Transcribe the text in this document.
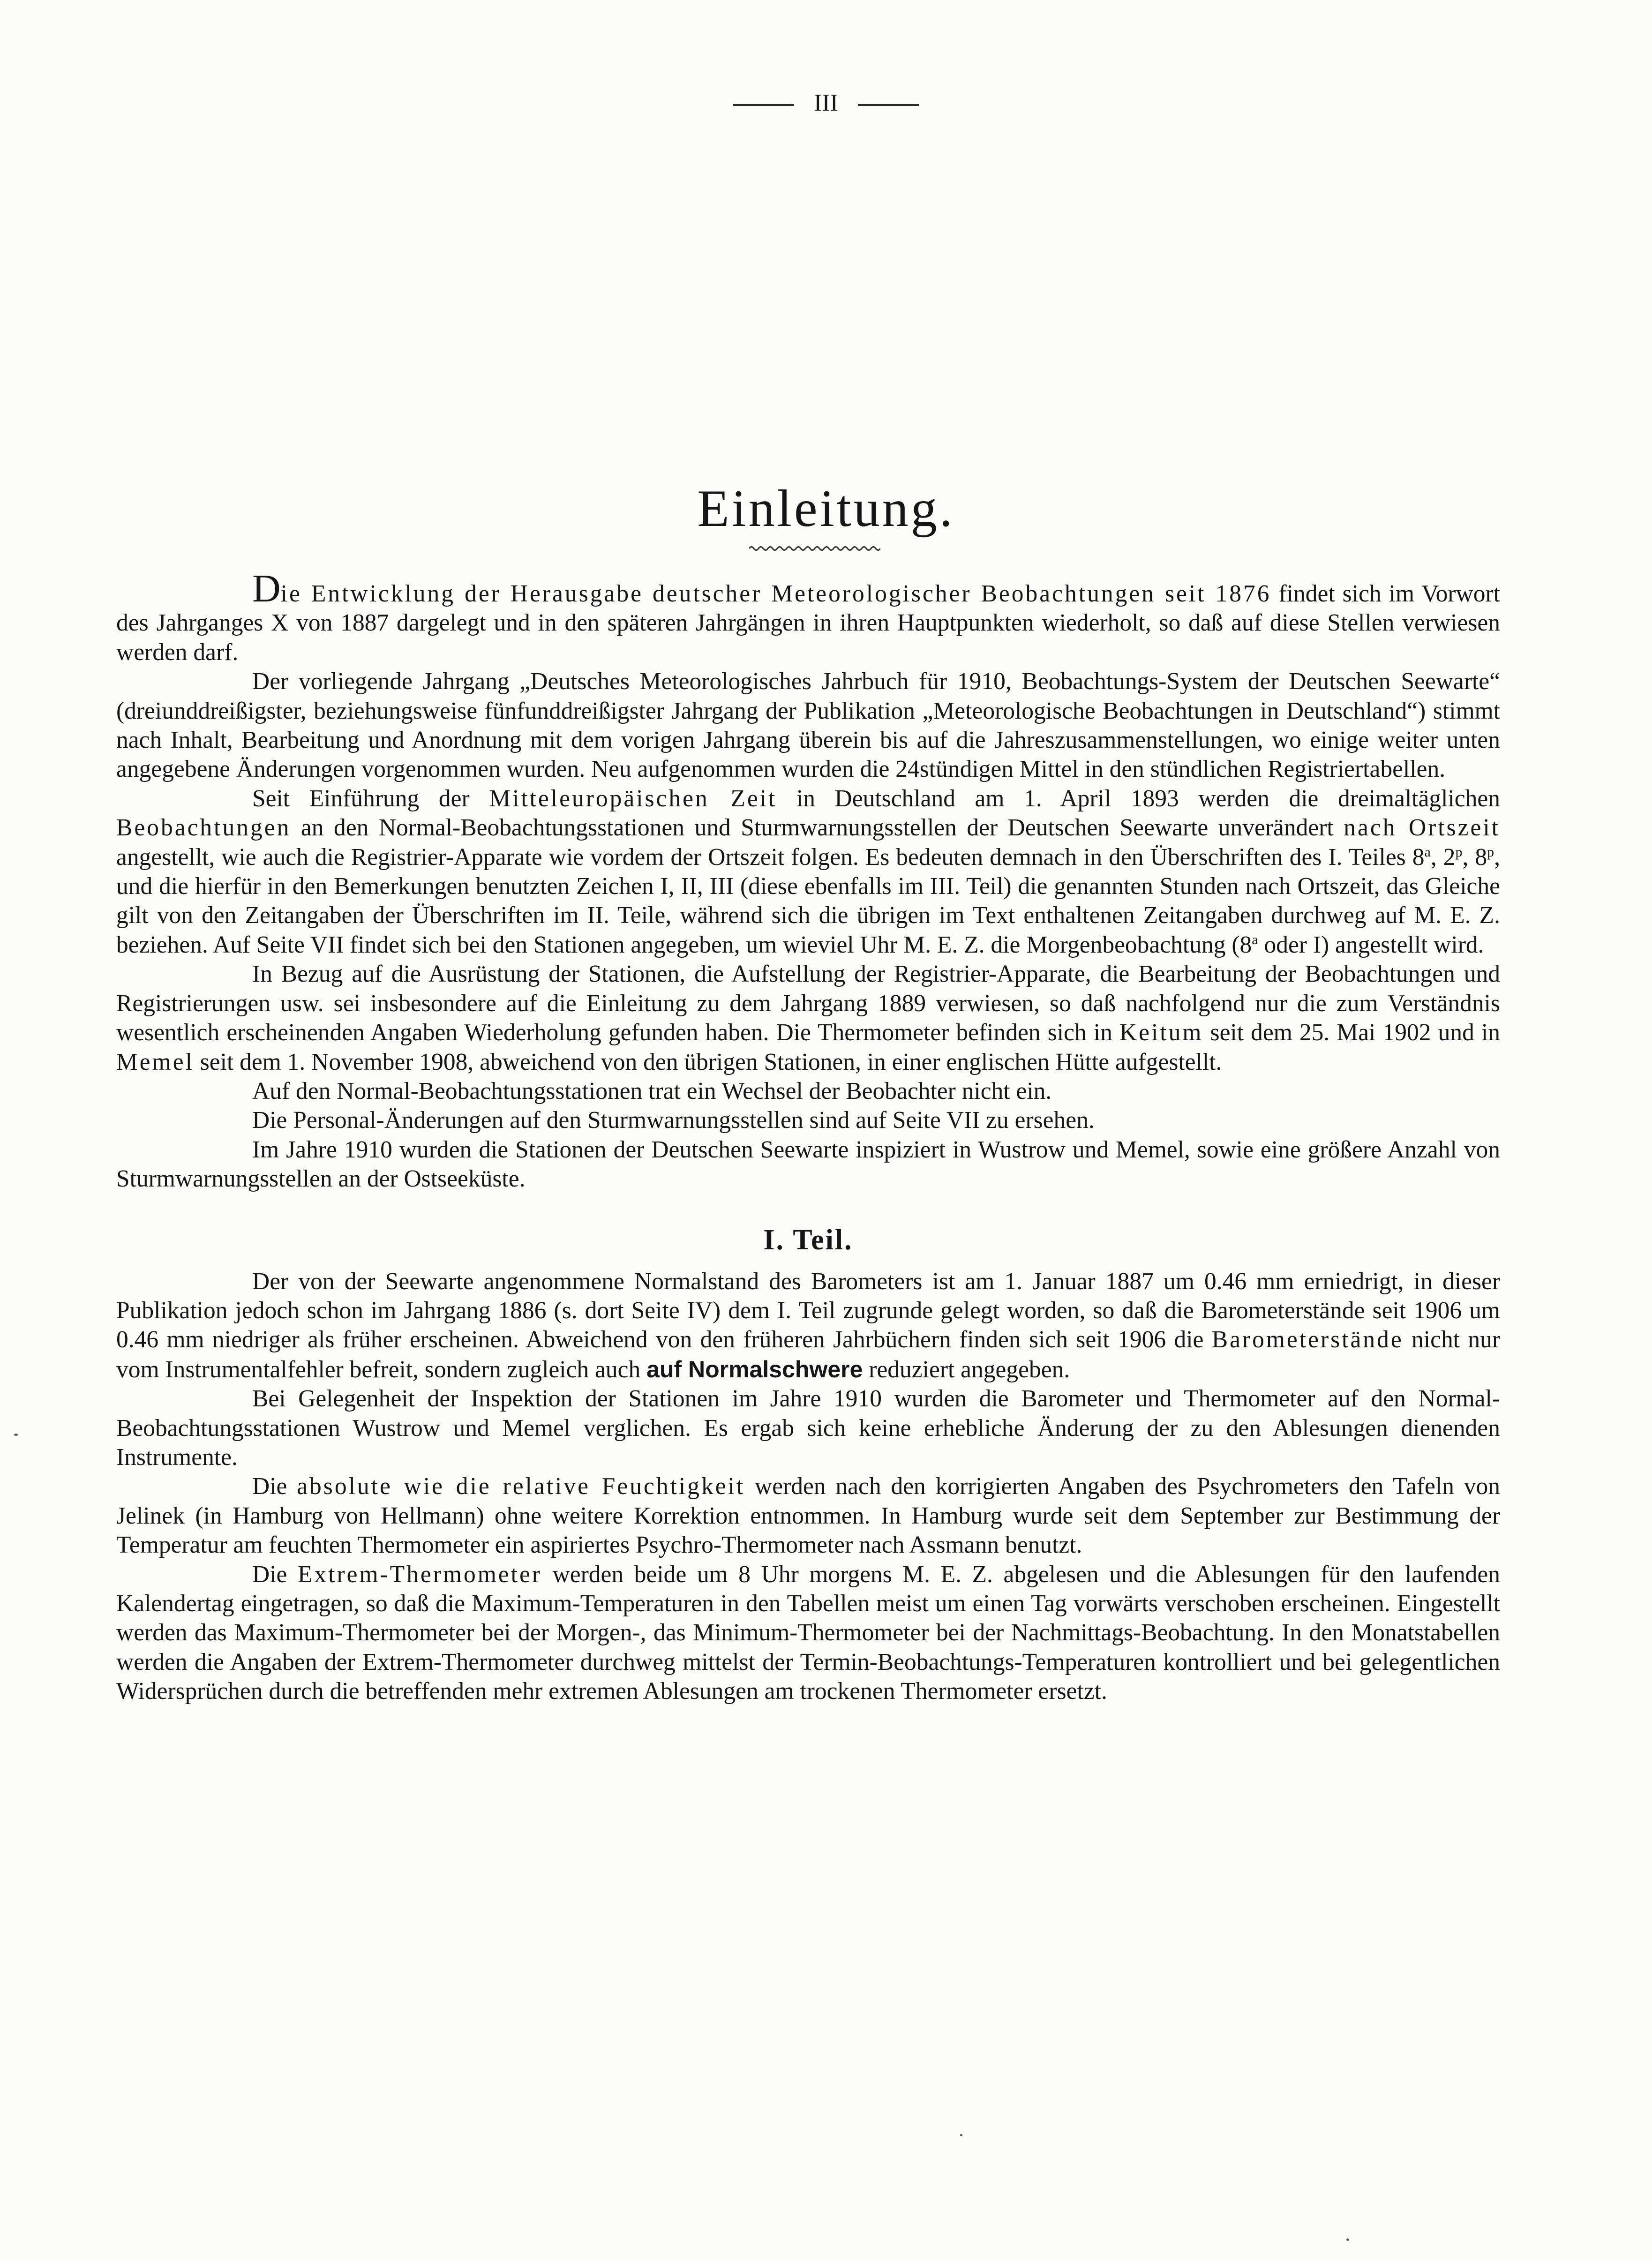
III
Einleitung.

Die Entwicklung der Herausgabe deutscher Meteorologischer Beobachtungen seit 1876 findet sich im Vorwort des Jahrganges X von 1887 dargelegt und in den späteren Jahrgängen in ihren Hauptpunkten wiederholt, so daß auf diese Stellen verwiesen werden darf.

Der vorliegende Jahrgang „Deutsches Meteorologisches Jahrbuch für 1910, Beobachtungs-System der Deutschen Seewarte“ (dreiunddreißigster, beziehungsweise fünfunddreißigster Jahrgang der Publikation „Meteorologische Beobachtungen in Deutschland“) stimmt nach Inhalt, Bearbeitung und Anordnung mit dem vorigen Jahrgang überein bis auf die Jahreszusammenstellungen, wo einige weiter unten angegebene Änderungen vorgenommen wurden. Neu aufgenommen wurden die 24stündigen Mittel in den stündlichen Registriertabellen.

Seit Einführung der Mitteleuropäischen Zeit in Deutschland am 1. April 1893 werden die dreimaltäglichen Beobachtungen an den Normal-Beobachtungsstationen und Sturmwarnungsstellen der Deutschen Seewarte unverändert nach Ortszeit angestellt, wie auch die Registrier-Apparate wie vordem der Ortszeit folgen. Es bedeuten demnach in den Überschriften des I. Teiles 8$^a$, 2$^p$, 8$^p$, und die hierfür in den Bemerkungen benutzten Zeichen I, II, III (diese ebenfalls im III. Teil) die genannten Stunden nach Ortszeit, das Gleiche gilt von den Zeitangaben der Überschriften im II. Teile, während sich die übrigen im Text enthaltenen Zeitangaben durchweg auf M. E. Z. beziehen. Auf Seite VII findet sich bei den Stationen angegeben, um wieviel Uhr M. E. Z. die Morgenbeobachtung (8$^a$ oder I) angestellt wird.

In Bezug auf die Ausrüstung der Stationen, die Aufstellung der Registrier-Apparate, die Bearbeitung der Beobachtungen und Registrierungen usw. sei insbesondere auf die Einleitung zu dem Jahrgang 1889 verwiesen, so daß nachfolgend nur die zum Verständnis wesentlich erscheinenden Angaben Wiederholung gefunden haben. Die Thermometer befinden sich in Keitum seit dem 25. Mai 1902 und in Memel seit dem 1. November 1908, abweichend von den übrigen Stationen, in einer englischen Hütte aufgestellt.

Auf den Normal-Beobachtungsstationen trat ein Wechsel der Beobachter nicht ein.

Die Personal-Änderungen auf den Sturmwarnungsstellen sind auf Seite VII zu ersehen.

Im Jahre 1910 wurden die Stationen der Deutschen Seewarte inspiziert in Wustrow und Memel, sowie eine größere Anzahl von Sturmwarnungsstellen an der Ostseeküste.

I. Teil.

Der von der Seewarte angenommene Normalstand des Barometers ist am 1. Januar 1887 um 0.46 mm erniedrigt, in dieser Publikation jedoch schon im Jahrgang 1886 (s. dort Seite IV) dem I. Teil zugrunde gelegt worden, so daß die Barometerstände seit 1906 um 0.46 mm niedriger als früher erscheinen. Abweichend von den früheren Jahrbüchern finden sich seit 1906 die Barometerstände nicht nur vom Instrumentalfehler befreit, sondern zugleich auch auf Normalschwere reduziert angegeben.

Bei Gelegenheit der Inspektion der Stationen im Jahre 1910 wurden die Barometer und Thermometer auf den Normal-Beobachtungsstationen Wustrow und Memel verglichen. Es ergab sich keine erhebliche Änderung der zu den Ablesungen dienenden Instrumente.

Die absolute wie die relative Feuchtigkeit werden nach den korrigierten Angaben des Psychrometers den Tafeln von Jelinek (in Hamburg von Hellmann) ohne weitere Korrektion entnommen. In Hamburg wurde seit dem September zur Bestimmung der Temperatur am feuchten Thermometer ein aspiriertes Psychro-Thermometer nach Assmann benutzt.

Die Extrem-Thermometer werden beide um 8 Uhr morgens M. E. Z. abgelesen und die Ablesungen für den laufenden Kalendertag eingetragen, so daß die Maximum-Temperaturen in den Tabellen meist um einen Tag vorwärts verschoben erscheinen. Eingestellt werden das Maximum-Thermometer bei der Morgen-, das Minimum-Thermometer bei der Nachmittags-Beobachtung. In den Monatstabellen werden die Angaben der Extrem-Thermometer durchweg mittelst der Termin-Beobachtungs-Temperaturen kontrolliert und bei gelegentlichen Widersprüchen durch die betreffenden mehr extremen Ablesungen am trockenen Thermometer ersetzt.
